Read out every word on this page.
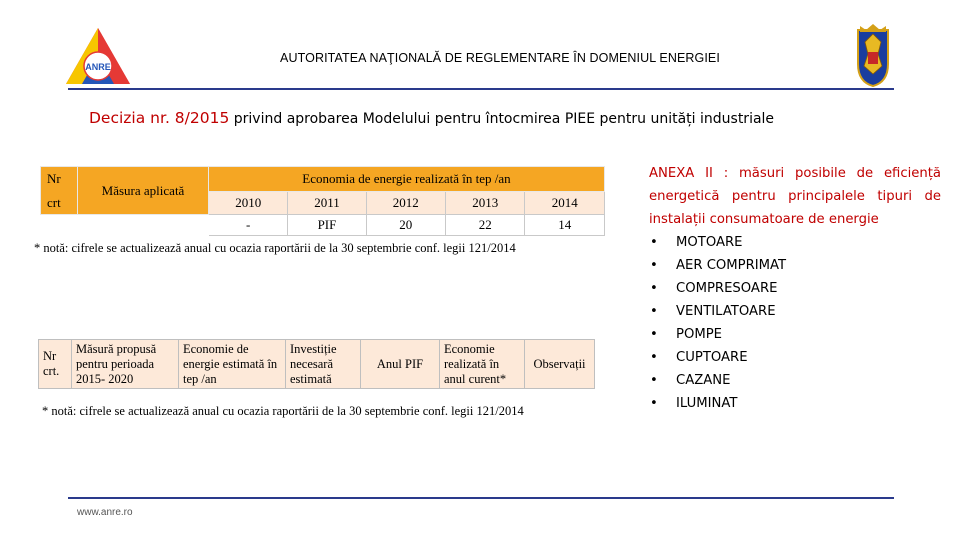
ANRE
AUTORITATEA NAŢIONALĂ DE REGLEMENTARE ÎN DOMENIUL ENERGIEI
Decizia nr. 8/2015 privind aprobarea Modelului pentru întocmirea PIEE pentru unități industriale
Nr
crt	Măsura aplicată	Economia de energie realizată în tep /an				
		2010	2011	2012	2013	2014
		-	PIF	20	22	14
* notă: cifrele se actualizează anual cu ocazia raportării de la 30 septembrie conf. legii 121/2014
Nr crt.	Măsură propusă pentru perioada 2015- 2020	Economie de energie estimată în tep /an	Investiție necesară estimată	Anul PIF	Economie realizată în anul curent*	Observații
* notă: cifrele se actualizează anual cu ocazia raportării de la 30 septembrie conf. legii 121/2014
ANEXA II : măsuri posibile de eficiență energetică pentru principalele tipuri de instalații consumatoare de energie
• MOTOARE
• AER COMPRIMAT
• COMPRESOARE
• VENTILATOARE
• POMPE
• CUPTOARE
• CAZANE
• ILUMINAT
www.anre.ro
